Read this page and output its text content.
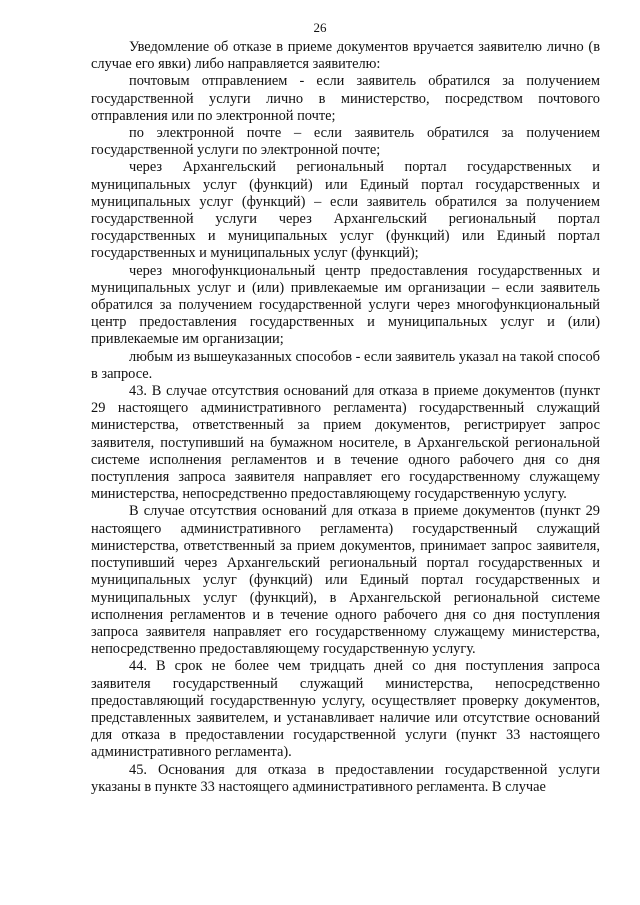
26

Уведомление об отказе в приеме документов вручается заявителю лично (в случае его явки) либо направляется заявителю:

почтовым отправлением - если заявитель обратился за получением государственной услуги лично в министерство, посредством почтового отправления или по электронной почте;

по электронной почте – если заявитель обратился за получением государственной услуги по электронной почте;

через Архангельский региональный портал государственных и муниципальных услуг (функций) или Единый портал государственных и муниципальных услуг (функций) – если заявитель обратился за получением государственной услуги через Архангельский региональный портал государственных и муниципальных услуг (функций) или Единый портал государственных и муниципальных услуг (функций);

через многофункциональный центр предоставления государственных и муниципальных услуг и (или) привлекаемые им организации – если заявитель обратился за получением государственной услуги через многофункциональный центр предоставления государственных и муниципальных услуг и (или) привлекаемые им организации;

любым из вышеуказанных способов - если заявитель указал на такой способ в запросе.

43. В случае отсутствия оснований для отказа в приеме документов (пункт 29 настоящего административного регламента) государственный служащий министерства, ответственный за прием документов, регистрирует запрос заявителя, поступивший на бумажном носителе, в Архангельской региональной системе исполнения регламентов и в течение одного рабочего дня со дня поступления запроса заявителя направляет его государственному служащему министерства, непосредственно предоставляющему государственную услугу.

В случае отсутствия оснований для отказа в приеме документов (пункт 29 настоящего административного регламента) государственный служащий министерства, ответственный за прием документов, принимает запрос заявителя, поступивший через Архангельский региональный портал государственных и муниципальных услуг (функций) или Единый портал государственных и муниципальных услуг (функций), в Архангельской региональной системе исполнения регламентов и в течение одного рабочего дня со дня поступления запроса заявителя направляет его государственному служащему министерства, непосредственно предоставляющему государственную услугу.

44. В срок не более чем тридцать дней со дня поступления запроса заявителя государственный служащий министерства, непосредственно предоставляющий государственную услугу, осуществляет проверку документов, представленных заявителем, и устанавливает наличие или отсутствие оснований для отказа в предоставлении государственной услуги (пункт 33 настоящего административного регламента).

45. Основания для отказа в предоставлении государственной услуги указаны в пункте 33 настоящего административного регламента. В случае
